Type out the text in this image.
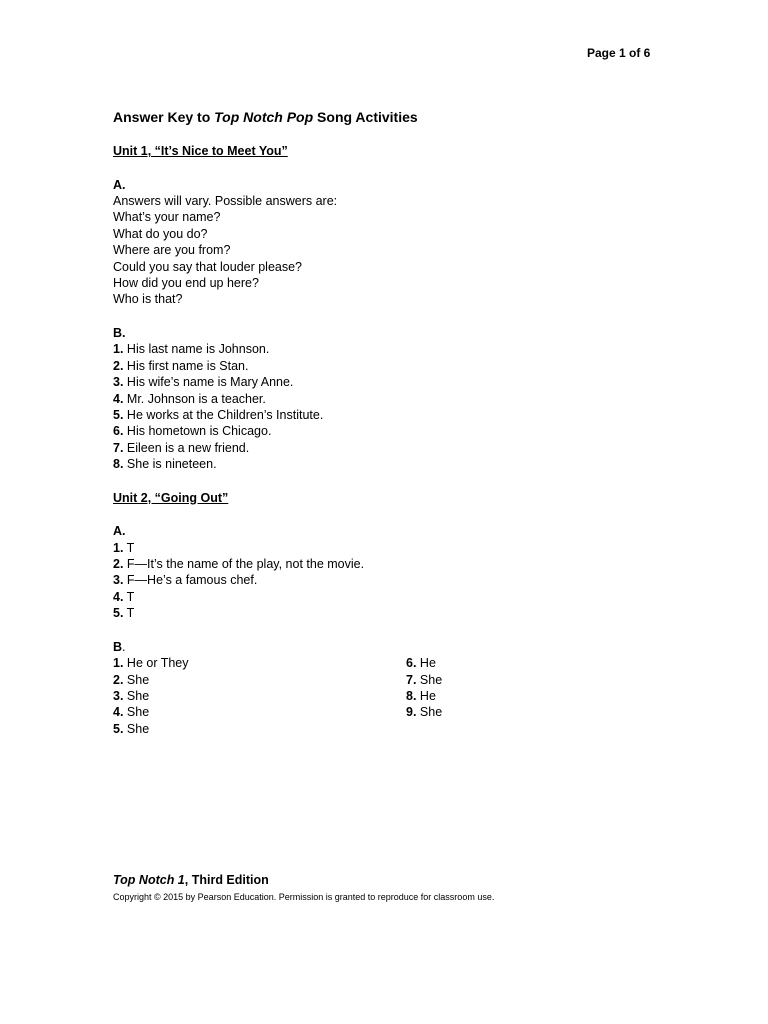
Page 1 of 6
Answer Key to Top Notch Pop Song Activities
Unit 1, “It’s Nice to Meet You”
A.
Answers will vary. Possible answers are:
What’s your name?
What do you do?
Where are you from?
Could you say that louder please?
How did you end up here?
Who is that?
B.
1. His last name is Johnson.
2. His first name is Stan.
3. His wife’s name is Mary Anne.
4. Mr. Johnson is a teacher.
5. He works at the Children’s Institute.
6. His hometown is Chicago.
7. Eileen is a new friend.
8. She is nineteen.
Unit 2, “Going Out”
A.
1. T
2. F—It’s the name of the play, not the movie.
3. F—He’s a famous chef.
4. T
5. T
B.
1. He or They
2. She
3. She
4. She
5. She
6. He
7. She
8. He
9. She
Top Notch 1, Third Edition
Copyright © 2015 by Pearson Education. Permission is granted to reproduce for classroom use.
